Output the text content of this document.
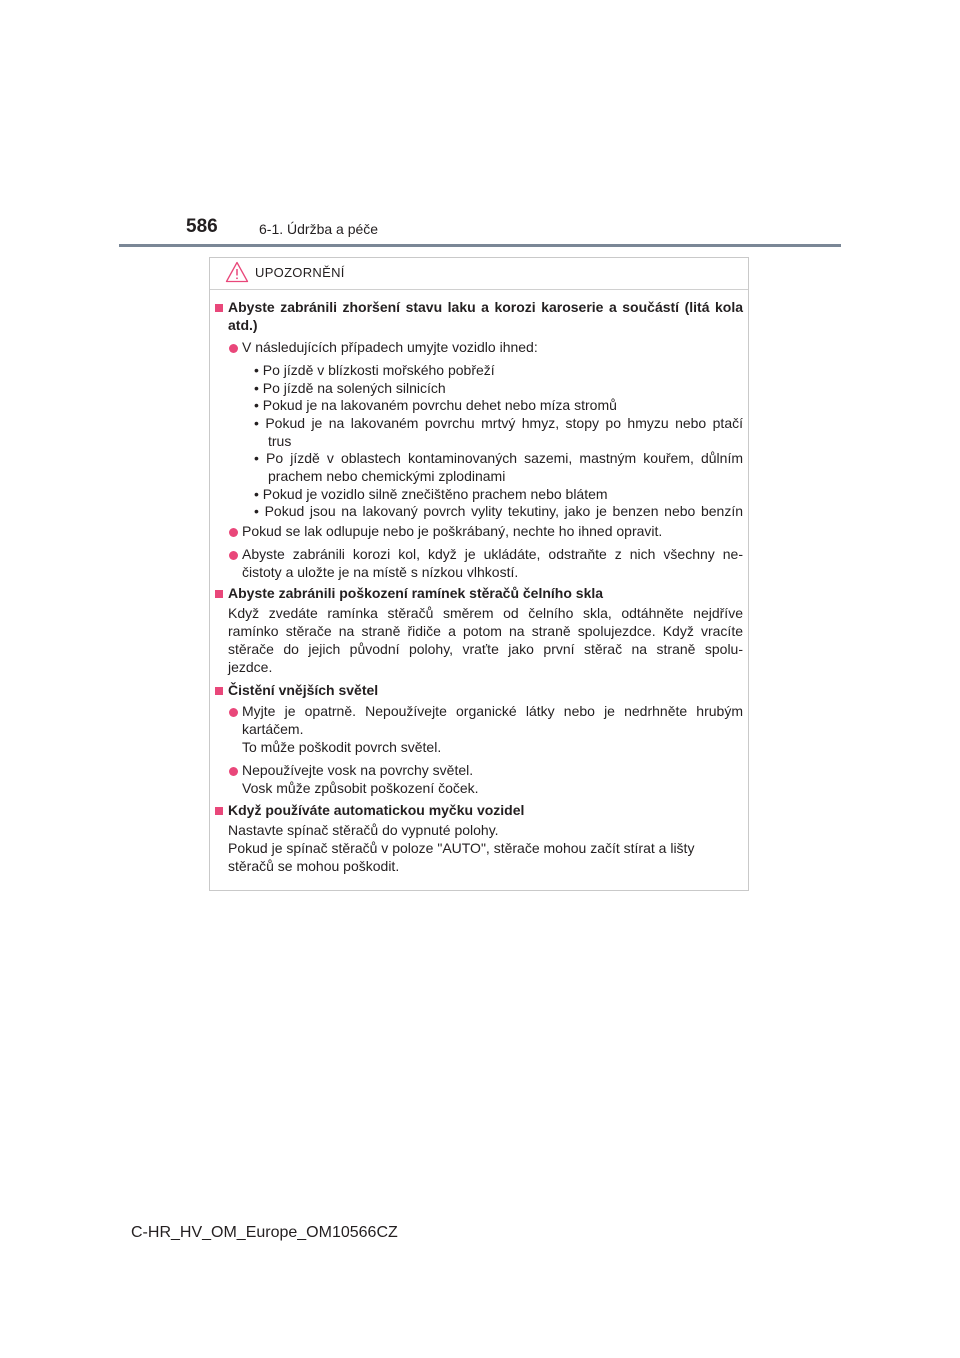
586	6-1. Údržba a péče
UPOZORNĚNÍ
Abyste zabránili zhoršení stavu laku a korozi karoserie a součástí (litá kola
atd.)
V následujících případech umyjte vozidlo ihned:
• Po jízdě v blízkosti mořského pobřeží
• Po jízdě na solených silnicích
• Pokud je na lakovaném povrchu dehet nebo míza stromů
• Pokud je na lakovaném povrchu mrtvý hmyz, stopy po hmyzu nebo ptačí
trus
• Po jízdě v oblastech kontaminovaných sazemi, mastným kouřem, důlním
prachem nebo chemickými zplodinami
• Pokud je vozidlo silně znečištěno prachem nebo blátem
• Pokud jsou na lakovaný povrch vylity tekutiny, jako je benzen nebo benzín
Pokud se lak odlupuje nebo je poškrábaný, nechte ho ihned opravit.
Abyste zabránili korozi kol, když je ukládáte, odstraňte z nich všechny ne-
čistoty a uložte je na místě s nízkou vlhkostí.
Abyste zabránili poškození ramínek stěračů čelního skla
Když zvedáte ramínka stěračů směrem od čelního skla, odtáhněte nejdříve
ramínko stěrače na straně řidiče a potom na straně spolujezdce. Když vracíte
stěrače do jejich původní polohy, vraťte jako první stěrač na straně spolu-
jezdce.
Čistění vnějších světel
Myjte je opatrně. Nepoužívejte organické látky nebo je nedrhněte hrubým
kartáčem.
To může poškodit povrch světel.
Nepoužívejte vosk na povrchy světel.
Vosk může způsobit poškození čoček.
Když používáte automatickou myčku vozidel
Nastavte spínač stěračů do vypnuté polohy.
Pokud je spínač stěračů v poloze "AUTO", stěrače mohou začít stírat a lišty
stěračů se mohou poškodit.
C-HR_HV_OM_Europe_OM10566CZ
